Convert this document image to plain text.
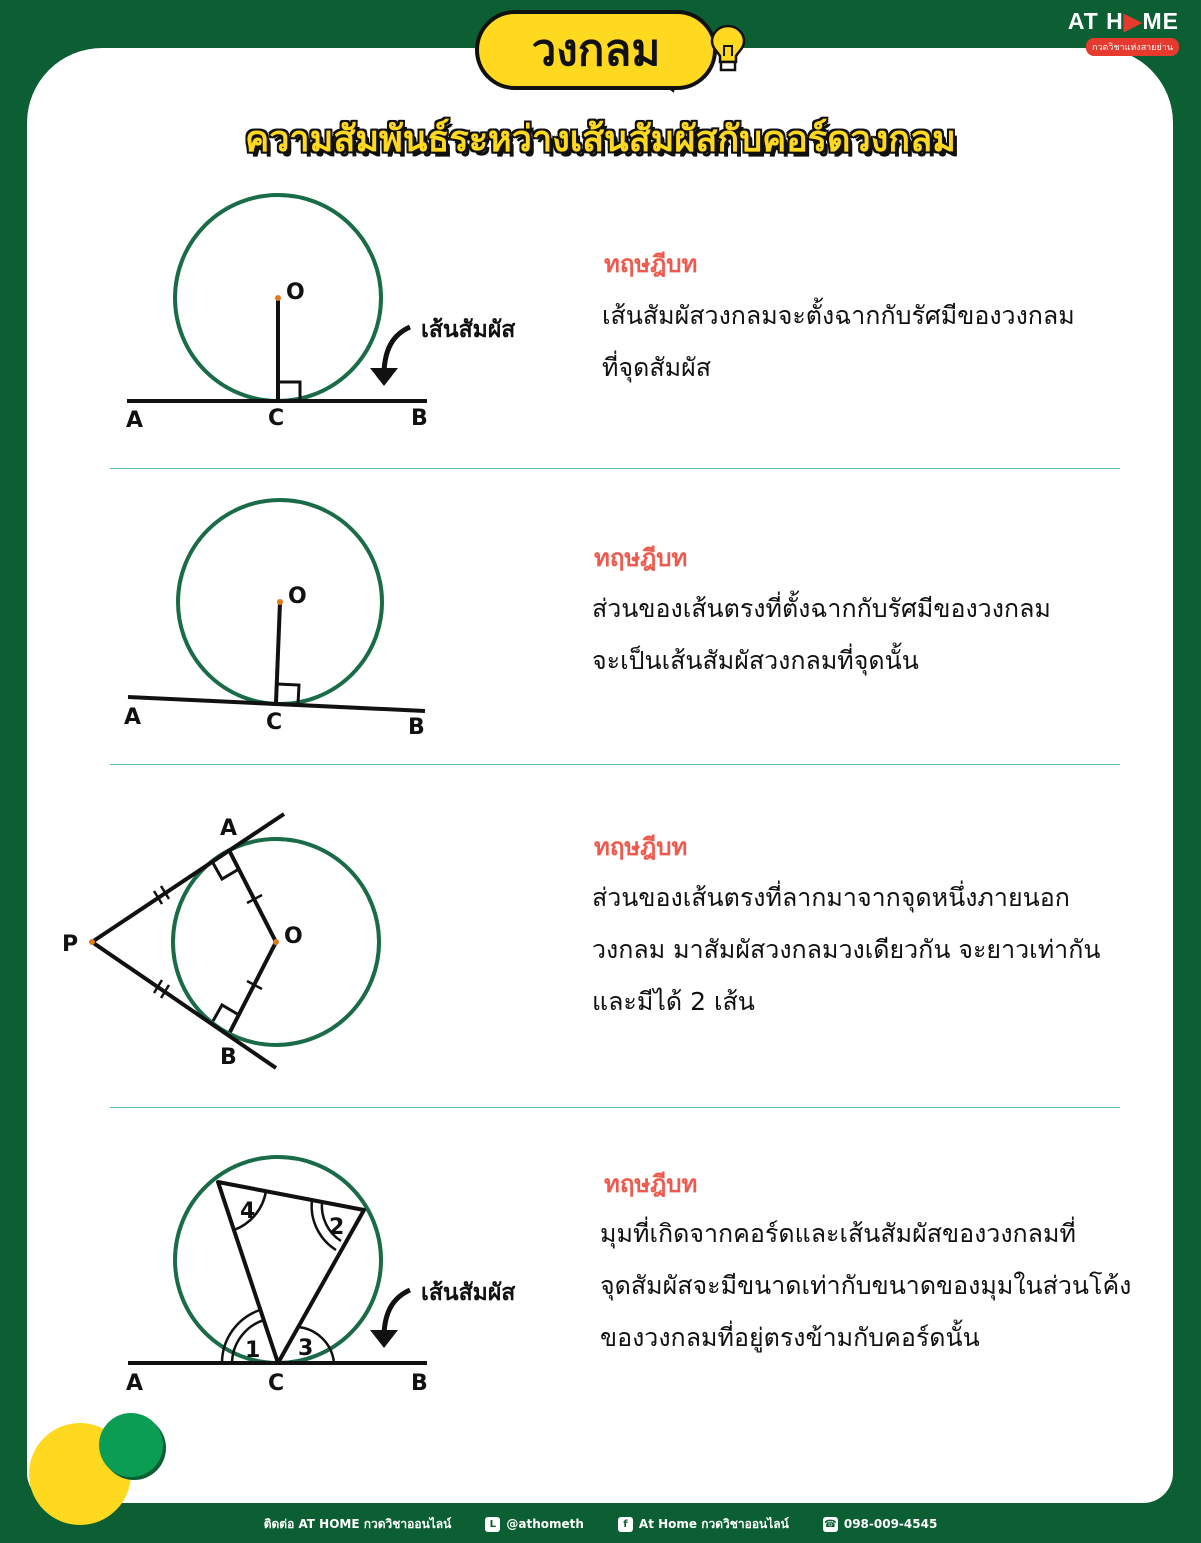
วงกลม
AT H▶ME
กวดวิชาแห่งสายย่าน
ความสัมพันธ์ระหว่างเส้นสัมผัสกับคอร์ดวงกลม
O
A	C	B
เส้นสัมผัส
ทฤษฎีบท
เส้นสัมผัสวงกลมจะตั้งฉากกับรัศมีของวงกลม
ที่จุดสัมผัส
O
A	C	B
ทฤษฎีบท
ส่วนของเส้นตรงที่ตั้งฉากกับรัศมีของวงกลม
จะเป็นเส้นสัมผัสวงกลมที่จุดนั้น
O
P
A
B
ทฤษฎีบท
ส่วนของเส้นตรงที่ลากมาจากจุดหนึ่งภายนอก
วงกลม มาสัมผัสวงกลมวงเดียวกัน จะยาวเท่ากัน
และมีได้ 2 เส้น
1 3
4
2
A	C	B
เส้นสัมผัส
ทฤษฎีบท
มุมที่เกิดจากคอร์ดและเส้นสัมผัสของวงกลมที่
จุดสัมผัสจะมีขนาดเท่ากับขนาดของมุมในส่วนโค้ง
ของวงกลมที่อยู่ตรงข้ามกับคอร์ดนั้น
ติดต่อ AT HOME กวดวิชาออนไลน์	L @athometh	f At Home กวดวิชาออนไลน์	☎ 098-009-4545
